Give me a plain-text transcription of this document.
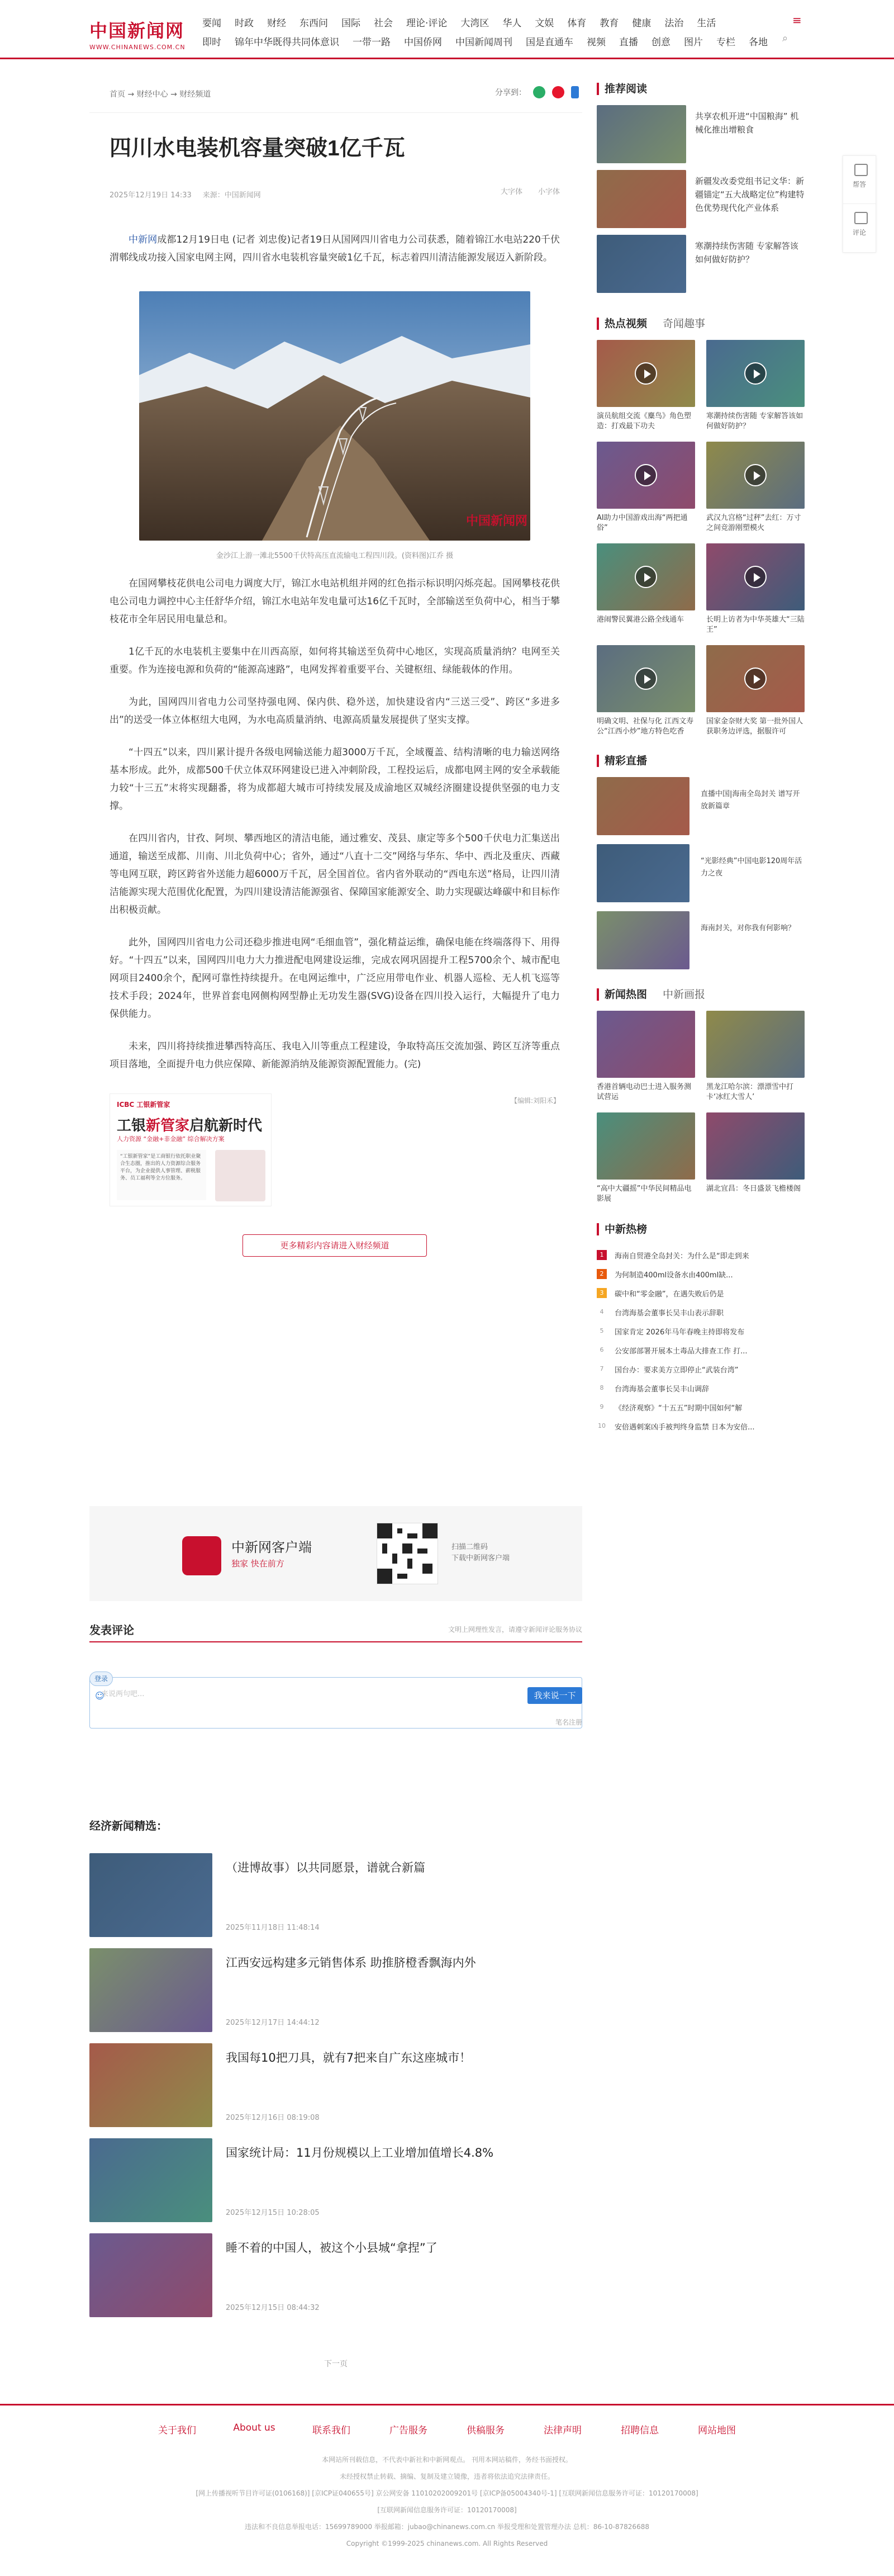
中国新闻网
WWW.CHINANEWS.COM.CN
要闻 时政 财经 东西问 国际 社会 理论·评论 大湾区 华人 文娱 体育 教育 健康 法治 生活
即时 锦年中华既得共同体意识 一带一路 中国侨网 中国新闻周刊 国是直通车 视频 直播 创意 图片 专栏 各地
≡
⌕
首页 → 财经中心 → 财经频道	分享到：
四川水电装机容量突破1亿千瓦
2025年12月19日 14:33 来源：中国新闻网	大字体 小字体

中新网成都12月19日电 (记者 刘忠俊)记者19日从国网四川省电力公司获悉，随着锦江水电站220千伏渭郫线成功接入国家电网主网，四川省水电装机容量突破1亿千瓦，标志着四川清洁能源发展迈入新阶段。

中国新闻网
金沙江上游一滩北5500千伏特高压直流输电工程四川段。(资料图)江乔 摄

在国网攀枝花供电公司电力调度大厅，锦江水电站机组并网的红色指示标识明闪烁亮起。国网攀枝花供电公司电力调控中心主任舒华介绍，锦江水电站年发电量可达16亿千瓦时，全部输送至负荷中心，相当于攀枝花市全年居民用电量总和。

1亿千瓦的水电装机主要集中在川西高原，如何将其输送至负荷中心地区，实现高质量消纳？电网至关重要。作为连接电源和负荷的“能源高速路”，电网发挥着重要平台、关键枢纽、绿能载体的作用。

为此，国网四川省电力公司坚持强电网、保内供、稳外送，加快建设省内“三送三受”、跨区“多进多出”的送受一体立体枢纽大电网，为水电高质量消纳、电源高质量发展提供了坚实支撑。

“十四五”以来，四川累计提升各级电网输送能力超3000万千瓦，全域覆盖、结构清晰的电力输送网络基本形成。此外，成都500千伏立体双环网建设已进入冲刺阶段，工程投运后，成都电网主网的安全承载能力较“十三五”末将实现翻番，将为成都超大城市可持续发展及成渝地区双城经济圈建设提供坚强的电力支撑。

在四川省内，甘孜、阿坝、攀西地区的清洁电能，通过雅安、茂县、康定等多个500千伏电力汇集送出通道，输送至成都、川南、川北负荷中心；省外，通过“八直十二交”网络与华东、华中、西北及重庆、西藏等电网互联，跨区跨省外送能力超6000万千瓦，居全国首位。省内省外联动的“西电东送”格局，让四川清洁能源实现大范围优化配置，为四川建设清洁能源强省、保障国家能源安全、助力实现碳达峰碳中和目标作出积极贡献。

此外，国网四川省电力公司还稳步推进电网“毛细血管”，强化精益运维，确保电能在终端落得下、用得好。“十四五”以来，国网四川电力大力推进配电网建设运维，完成农网巩固提升工程5700余个、城市配电网项目2400余个，配网可靠性持续提升。在电网运维中，广泛应用带电作业、机器人巡检、无人机飞巡等技术手段；2024年，世界首套电网侧构网型静止无功发生器(SVG)设备在四川投入运行，大幅提升了电力保供能力。

未来，四川将持续推进攀西特高压、我电入川等重点工程建设，争取特高压交流加强、跨区互济等重点项目落地，全面提升电力供应保障、新能源消纳及能源资源配置能力。(完)

ICBC 工银新管家
工银新管家启航新时代
人力资源 “金融+非金融” 综合解决方案
“工银新管家”是工商银行依托职业聚合生态圈，推出的人力资源综合服务平台，为企业提供人事管理、薪税服务、员工福利等全方位服务。
【编辑:刘阳禾】
更多精彩内容请进入财经频道
中新网客户端
独家 快在前方
扫描二维码
下载中新网客户端
发表评论	文明上网理性发言，请遵守新闻评论服务协议
来说两句吧...
☺	我来说一下
笔名注册
登录
经济新闻精选：
（进博故事）以共同愿景，谱就合新篇
2025年11月18日 11:48:14
江西安远构建多元销售体系 助推脐橙香飘海内外
2025年12月17日 14:44:12
我国每10把刀具，就有7把来自广东这座城市！
2025年12月16日 08:19:08
国家统计局：11月份规模以上工业增加值增长4.8%
2025年12月15日 10:28:05
睡不着的中国人，被这个小县城“拿捏”了
2025年12月15日 08:44:32
下一页
推荐阅读
共享农机开进“中国粮海” 机械化推出增粮食
新疆发改委党组书记文华：新疆锚定“五大战略定位”构建特色优势现代化产业体系
寒潮持续伤害随 专家解答该如何做好防护？
热点视频 奇闻趣事
演员航组交流《麋鸟》角色塑造：打戏最下功夫
寒潮持续伤害随 专家解答该如何做好防护？
AI助力中国游戏出海“两把通俗”
武汉九宫格“过秤”去红：万寸之间竞游刚塑模火
港闹警民翼港公路全线通车	长明上访者为中华英雄大“三陆王”
明确文明、社保与化 江西文寿公“江西小炒”地方特色吃香
国家金奈财大奖 第一批外国人获职务边评选，据服许可
精彩直播
直播中国|海南全岛封关 谱写开放新篇章
“光影经典”中国电影120周年活力之夜
海南封关，对你我有何影响？
新闻热图 中新画报
香港首辆电动巴士进入服务测试营运
黑龙江哈尔滨：漂漂雪中打卡‘冰红大雪人’
“高中大疆摇”中华民间精品电影展
湖北宜昌：冬日盛景飞檐楼阁
中新热榜
1	海南自贸港全岛封关：为什么是“即走到来
2	为何制造400ml设备水由400ml缺...
3	碳中和“零金融”，在遇失败后仍是
4	台湾海基会董事长吴丰山表示辞职
5	国家肯定 2026年马年春晚主持即将发布
6	公安部部署开展本土毒品大排查工作 打...
7	国台办：要求美方立即停止“武装台湾”
8	台湾海基会董事长吴丰山调辞
9	《经济观察》“十五五”时期中国如何“解
10 安倍遇刺案凶手被判终身监禁 日本为安倍...
帮答
评论
关于我们	About us	联系我们	广告服务	供稿服务	法律声明	招聘信息	网站地图
本网站所刊载信息，不代表中新社和中新网观点。 刊用本网站稿件，务经书面授权。
未经授权禁止转载、摘编、复制及建立镜像，违者将依法追究法律责任。
[网上传播视听节目许可证(0106168)] [京ICP证040655号] 京公网安备 11010202009201号 [京ICP备05004340号-1] [互联网新闻信息服务许可证：10120170008]
[互联网新闻信息服务许可证：10120170008]
违法和不良信息举报电话：15699789000 举报邮箱：jubao@chinanews.com.cn 举报受理和处置管理办法 总机：86-10-87826688
Copyright ©1999-2025 chinanews.com. All Rights Reserved
